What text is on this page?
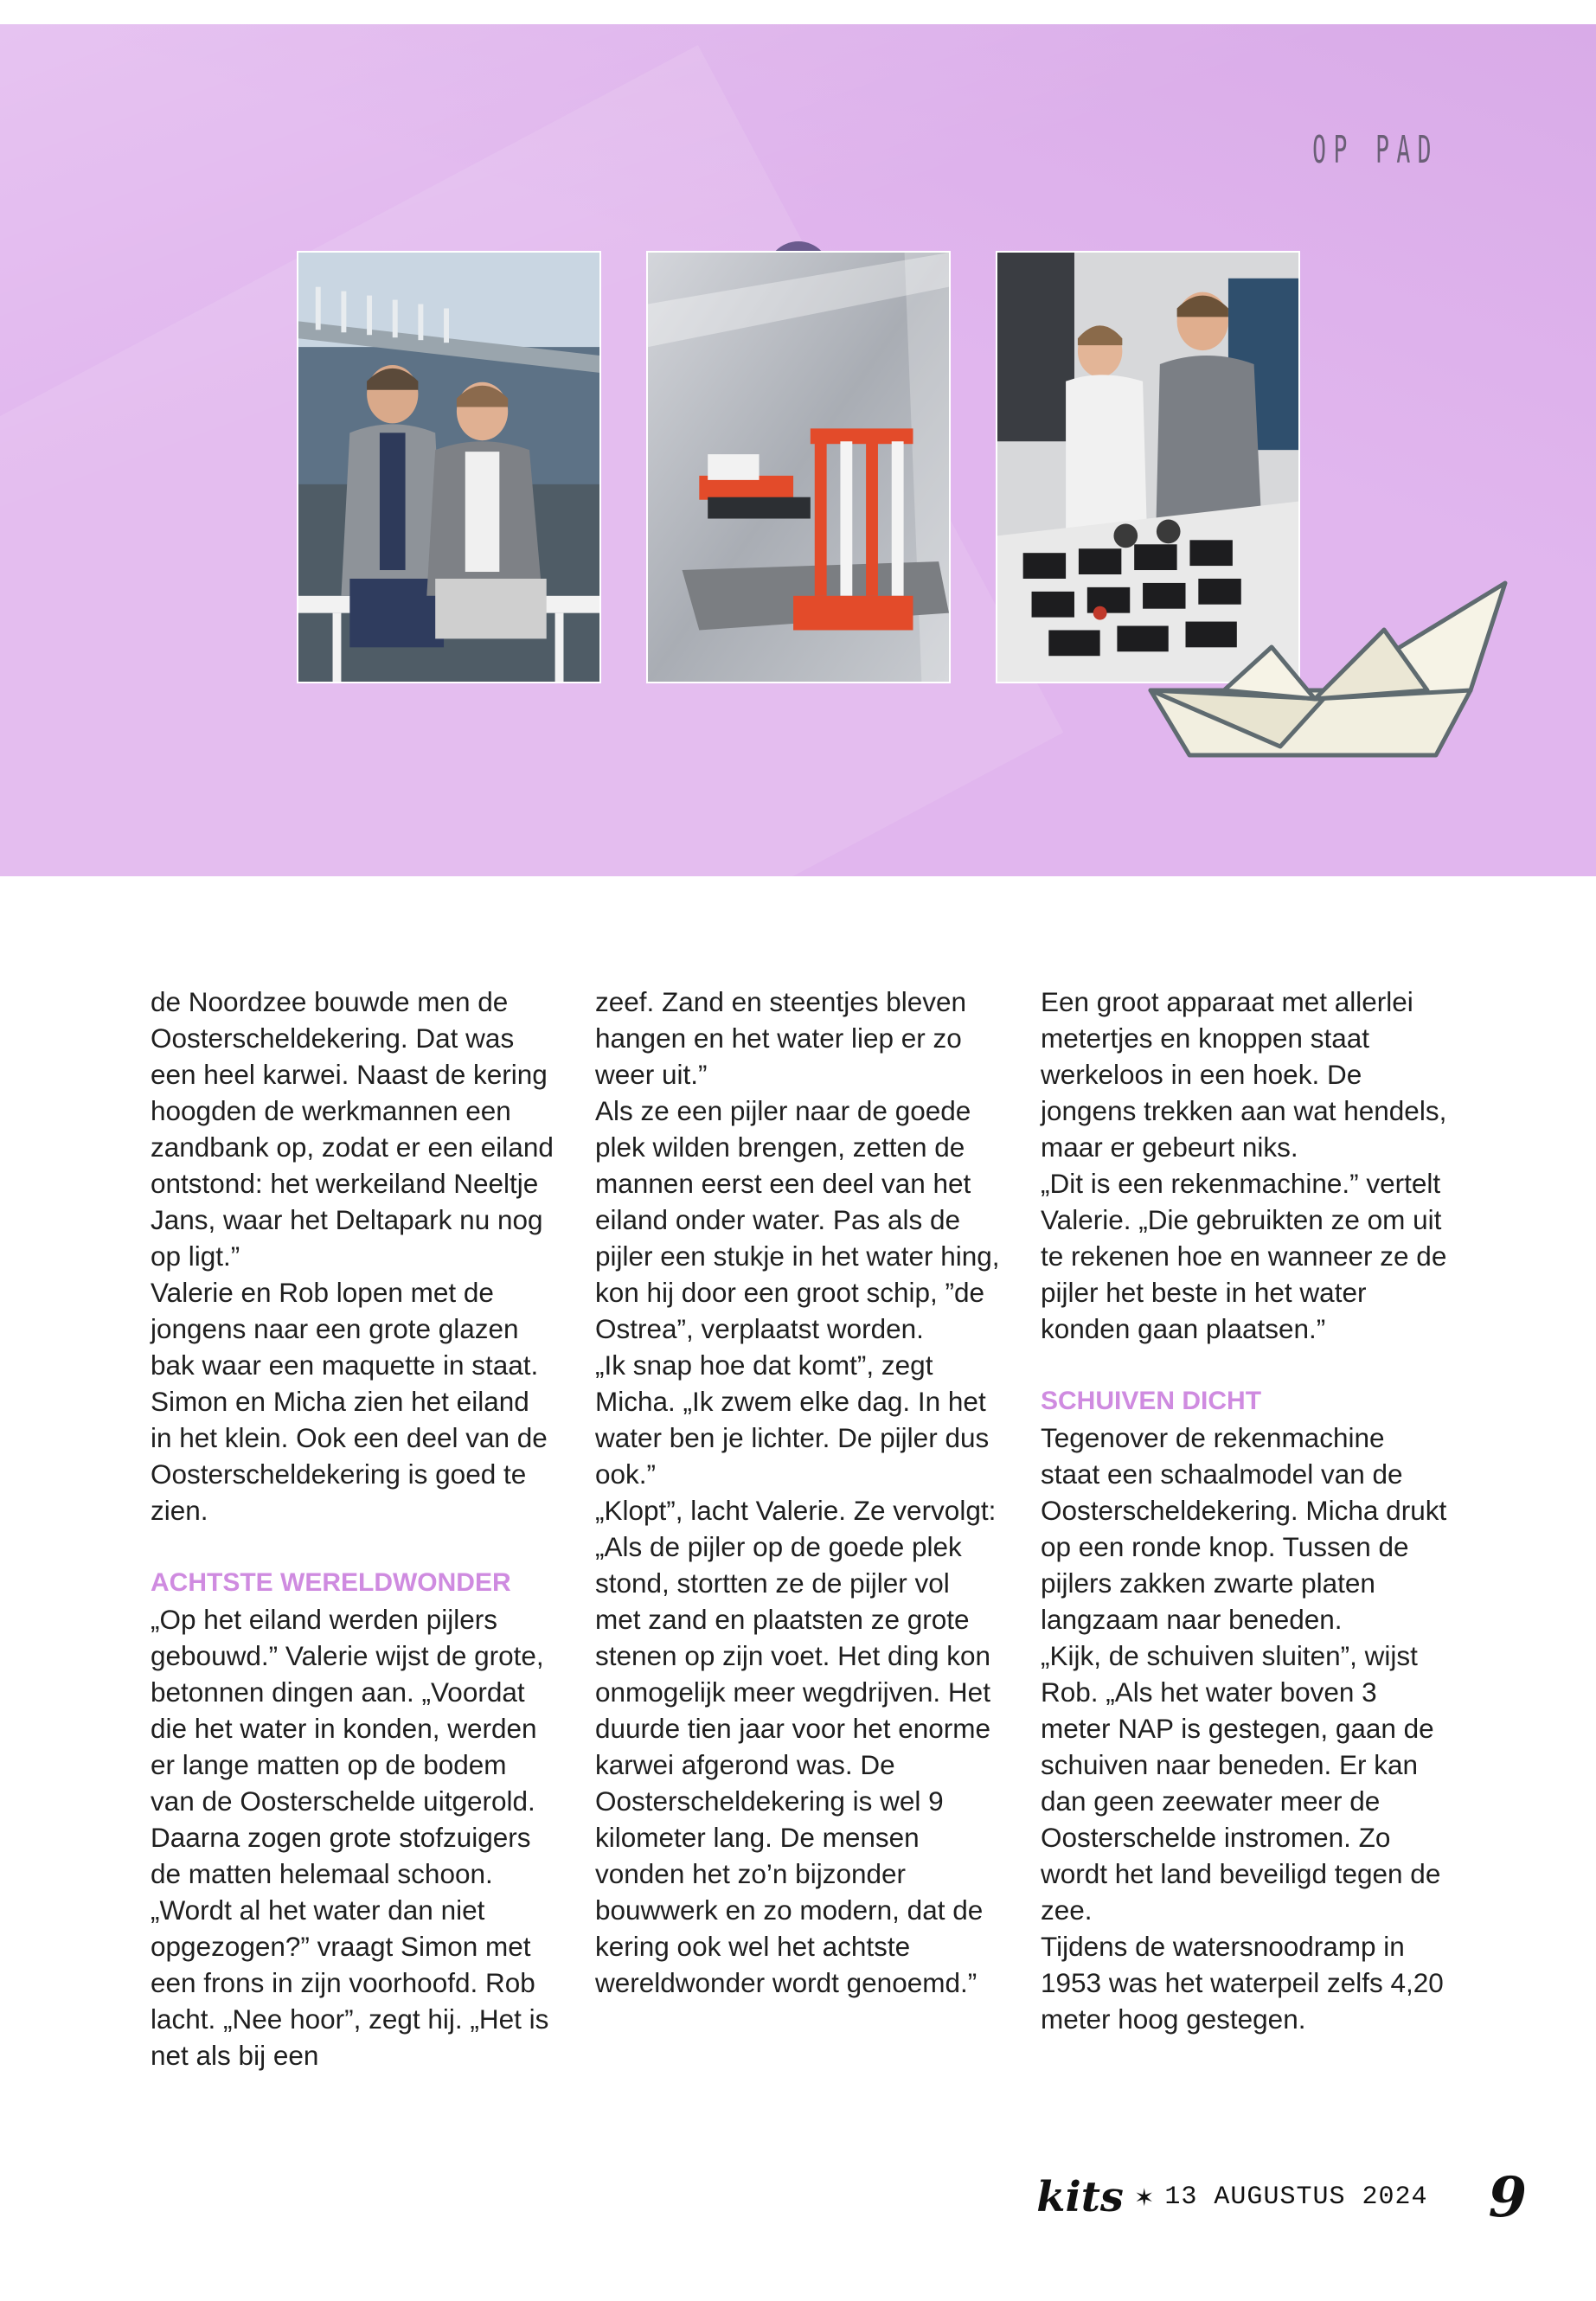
OP PAD

de Noordzee bouwde men de Oosterscheldekering. Dat was een heel karwei. Naast de kering hoogden de werkmannen een zandbank op, zodat er een eiland ontstond: het werkeiland Neeltje Jans, waar het Deltapark nu nog op ligt.”

Valerie en Rob lopen met de jongens naar een grote glazen bak waar een maquette in staat. Simon en Micha zien het eiland in het klein. Ook een deel van de Oosterscheldekering is goed te zien.

ACHTSTE WERELDWONDER

„Op het eiland werden pijlers gebouwd.” Valerie wijst de grote, betonnen dingen aan. „Voordat die het water in konden, werden er lange matten op de bodem van de Oosterschelde uitgerold. Daarna zogen grote stofzuigers de matten helemaal schoon.

„Wordt al het water dan niet opgezogen?” vraagt Simon met een frons in zijn voorhoofd. Rob lacht. „Nee hoor”, zegt hij. „Het is net als bij een

zeef. Zand en steentjes bleven hangen en het water liep er zo weer uit.”

Als ze een pijler naar de goede plek wilden brengen, zetten de mannen eerst een deel van het eiland onder water. Pas als de pijler een stukje in het water hing, kon hij door een groot schip, ”de Ostrea”, verplaatst worden.

„Ik snap hoe dat komt”, zegt Micha. „Ik zwem elke dag. In het water ben je lichter. De pijler dus ook.”

„Klopt”, lacht Valerie. Ze vervolgt: „Als de pijler op de goede plek stond, stortten ze de pijler vol met zand en plaatsten ze grote stenen op zijn voet. Het ding kon onmogelijk meer wegdrijven. Het duurde tien jaar voor het enorme karwei afgerond was. De Oosterscheldekering is wel 9 kilometer lang. De mensen vonden het zo’n bijzonder bouwwerk en zo modern, dat de kering ook wel het achtste wereldwonder wordt genoemd.”

Een groot apparaat met allerlei metertjes en knoppen staat werkeloos in een hoek. De jongens trekken aan wat hendels, maar er gebeurt niks.

„Dit is een rekenmachine.” vertelt Valerie. „Die gebruikten ze om uit te rekenen hoe en wanneer ze de pijler het beste in het water konden gaan plaatsen.”

SCHUIVEN DICHT

Tegenover de rekenmachine staat een schaalmodel van de Oosterscheldekering. Micha drukt op een ronde knop. Tussen de pijlers zakken zwarte platen langzaam naar beneden.

„Kijk, de schuiven sluiten”, wijst Rob. „Als het water boven 3 meter NAP is gestegen, gaan de schuiven naar beneden. Er kan dan geen zeewater meer de Oosterschelde instromen. Zo wordt het land beveiligd tegen de zee.

Tijdens de watersnoodramp in 1953 was het waterpeil zelfs 4,20 meter hoog gestegen.

kits ✶ 13 AUGUSTUS 2024 9
